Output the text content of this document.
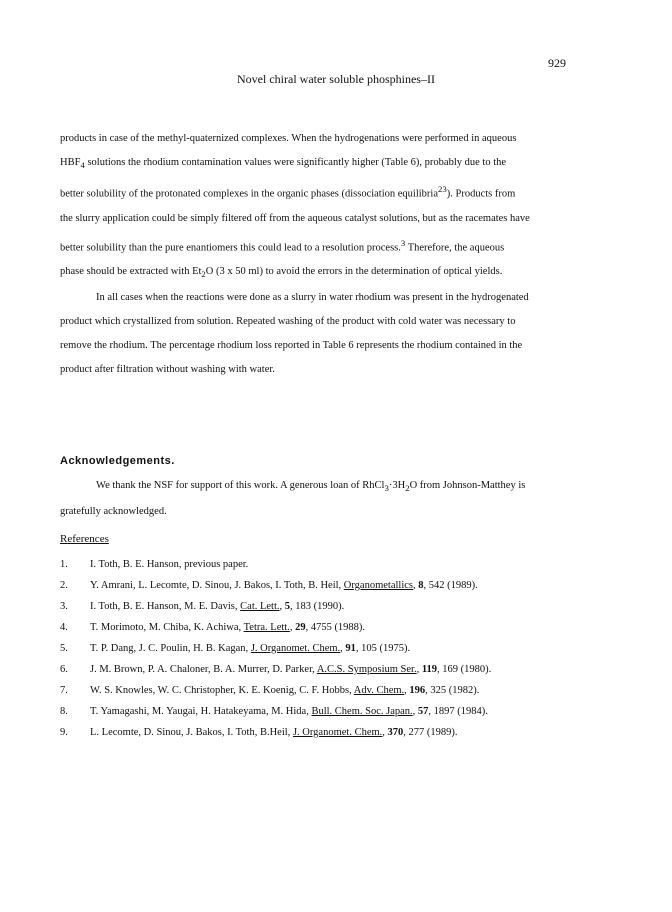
929
Novel chiral water soluble phosphines–II

products in case of the methyl-quaternized complexes. When the hydrogenations were performed in aqueous $HBF_4$ solutions the rhodium contamination values were significantly higher (Table 6), probably due to the better solubility of the protonated complexes in the organic phases (dissociation equilibria$^{23}$). Products from the slurry application could be simply filtered off from the aqueous catalyst solutions, but as the racemates have better solubility than the pure enantiomers this could lead to a resolution process.$^3$ Therefore, the aqueous phase should be extracted with $Et_2O$ (3 x 50 ml) to avoid the errors in the determination of optical yields.

In all cases when the reactions were done as a slurry in water rhodium was present in the hydrogenated product which crystallized from solution. Repeated washing of the product with cold water was necessary to remove the rhodium. The percentage rhodium loss reported in Table 6 represents the rhodium contained in the product after filtration without washing with water.

Acknowledgements.

We thank the NSF for support of this work. A generous loan of $RhCl_3\cdot 3H_2O$ from Johnson-Matthey is gratefully acknowledged.

References
1.	I. Toth, B. E. Hanson, previous paper.
2.	Y. Amrani, L. Lecomte, D. Sinou, J. Bakos, I. Toth, B. Heil, Organometallics, 8, 542 (1989).
3.	I. Toth, B. E. Hanson, M. E. Davis, Cat. Lett., 5, 183 (1990).
4.	T. Morimoto, M. Chiba, K. Achiwa, Tetra. Lett., 29, 4755 (1988).
5.	T. P. Dang, J. C. Poulin, H. B. Kagan, J. Organomet. Chem., 91, 105 (1975).
6.	J. M. Brown, P. A. Chaloner, B. A. Murrer, D. Parker, A.C.S. Symposium Ser., 119, 169 (1980).
7.	W. S. Knowles, W. C. Christopher, K. E. Koenig, C. F. Hobbs, Adv. Chem., 196, 325 (1982).
8.	T. Yamagashi, M. Yaugai, H. Hatakeyama, M. Hida, Bull. Chem. Soc. Japan., 57, 1897 (1984).
9.	L. Lecomte, D. Sinou, J. Bakos, I. Toth, B.Heil, J. Organomet. Chem., 370, 277 (1989).
